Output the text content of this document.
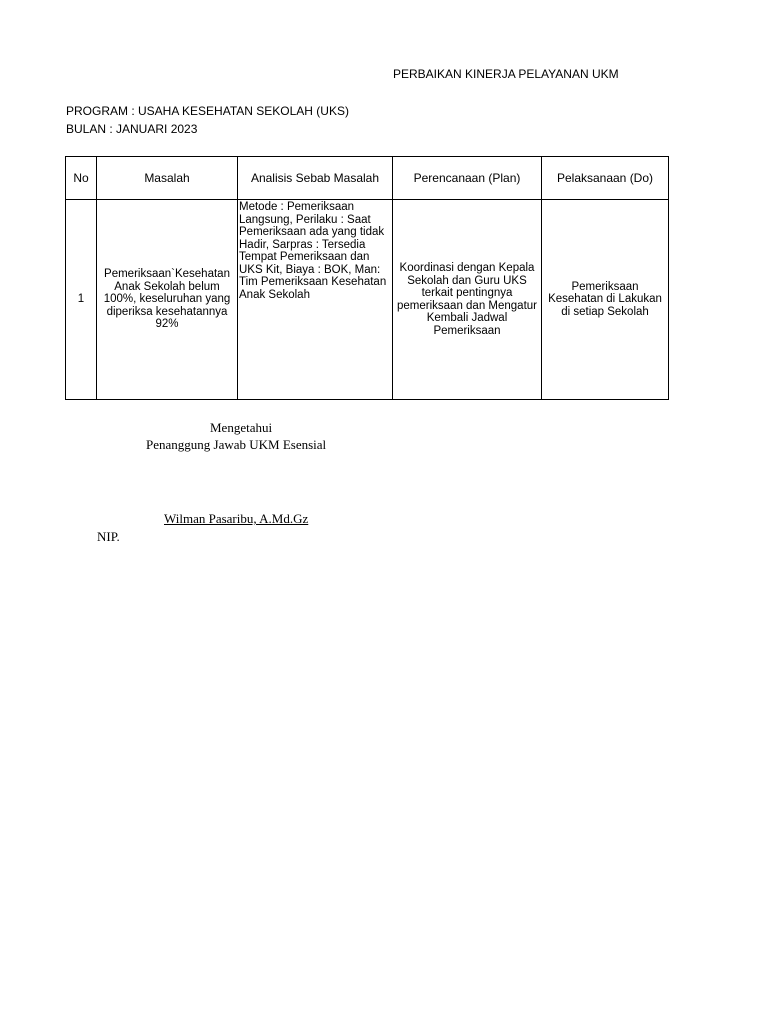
PERBAIKAN KINERJA PELAYANAN UKM
PROGRAM : USAHA KESEHATAN SEKOLAH (UKS)
BULAN : JANUARI 2023
No	Masalah	Analisis Sebab Masalah	Perencanaan (Plan)	Pelaksanaan (Do)
1	Pemeriksaan`Kesehatan Anak Sekolah belum 100%, keseluruhan yang diperiksa kesehatannya 92%	Metode : Pemeriksaan Langsung, Perilaku : Saat Pemeriksaan ada yang tidak Hadir, Sarpras : Tersedia Tempat Pemeriksaan dan UKS Kit, Biaya : BOK, Man: Tim Pemeriksaan Kesehatan Anak Sekolah	Koordinasi dengan Kepala Sekolah dan Guru UKS terkait pentingnya pemeriksaan dan Mengatur Kembali Jadwal Pemeriksaan	Pemeriksaan Kesehatan di Lakukan di setiap Sekolah
Mengetahui
Penanggung Jawab UKM Esensial
Wilman Pasaribu, A.Md.Gz
NIP.
